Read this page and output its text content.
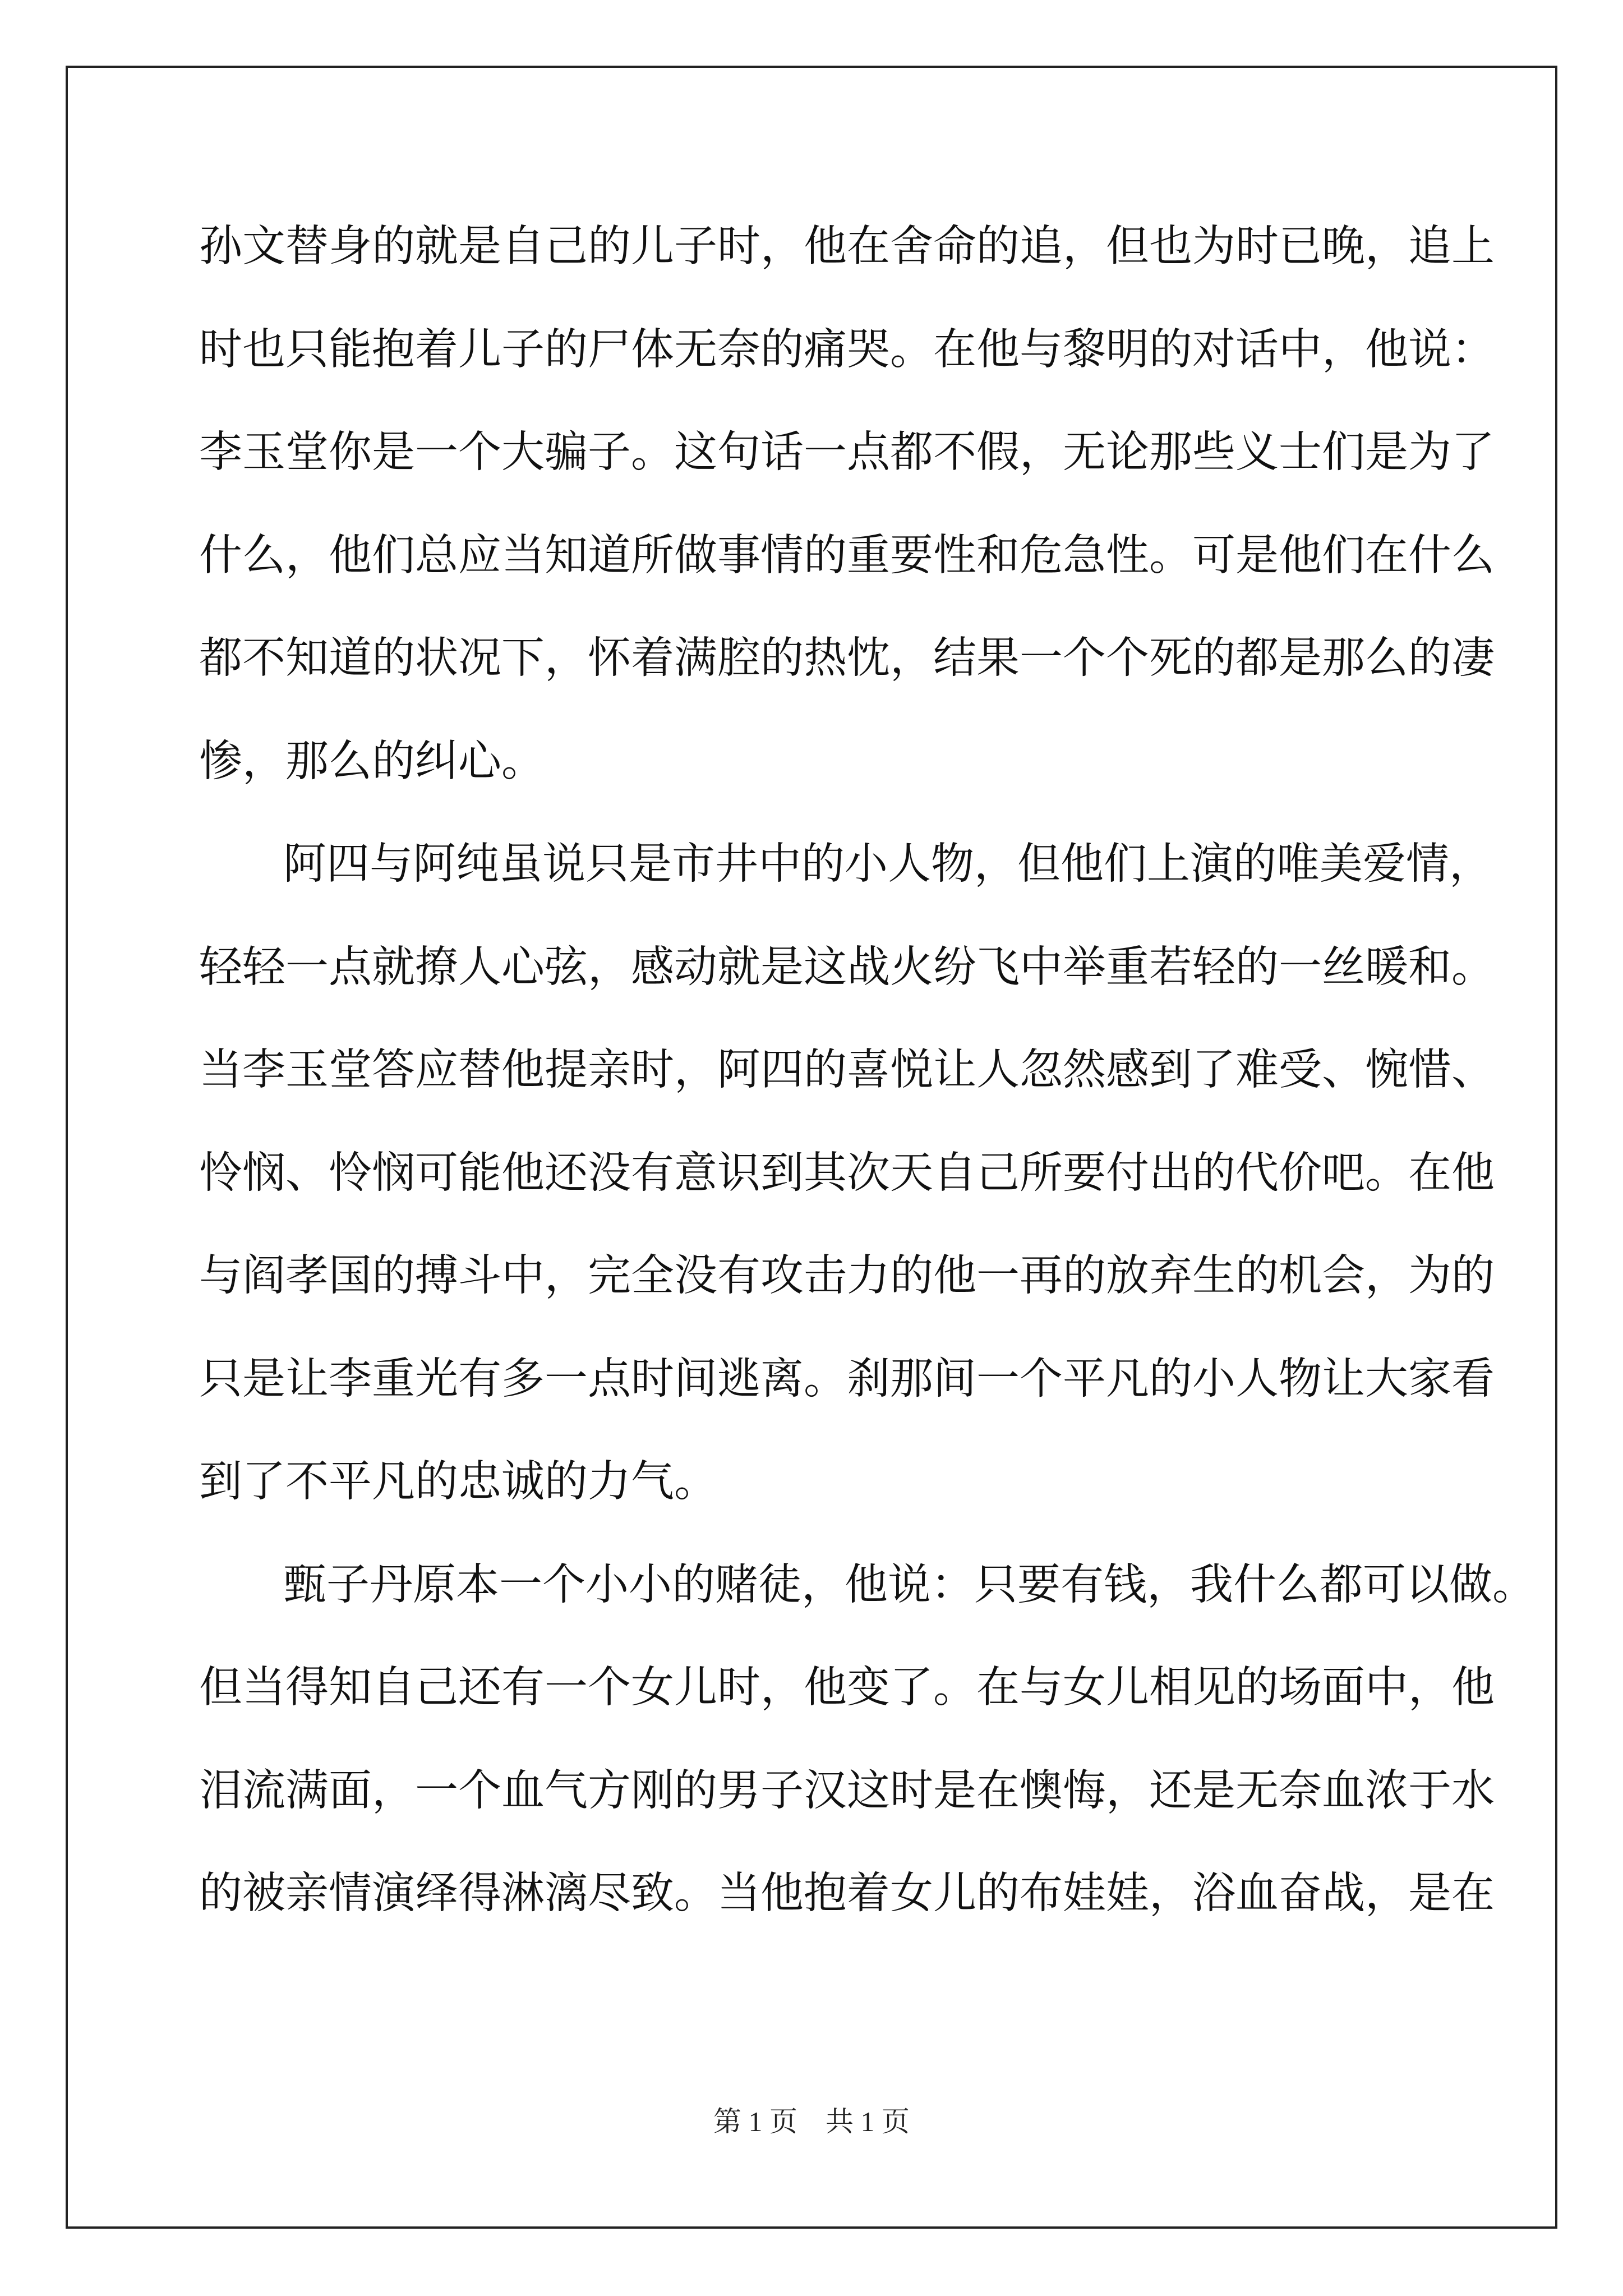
孙文替身的就是自己的儿子时，他在舍命的追，但也为时已晚，追上
时也只能抱着儿子的尸体无奈的痛哭。在他与黎明的对话中，他说：
李玉堂你是一个大骗子。这句话一点都不假，无论那些义士们是为了
什么，他们总应当知道所做事情的重要性和危急性。可是他们在什么
都不知道的状况下，怀着满腔的热忱，结果一个个死的都是那么的凄
惨，那么的纠心。
阿四与阿纯虽说只是市井中的小人物，但他们上演的唯美爱情，
轻轻一点就撩人心弦，感动就是这战火纷飞中举重若轻的一丝暖和。
当李玉堂答应替他提亲时，阿四的喜悦让人忽然感到了难受、惋惜、
怜悯、怜悯可能他还没有意识到其次天自己所要付出的代价吧。在他
与阎孝国的搏斗中，完全没有攻击力的他一再的放弃生的机会，为的
只是让李重光有多一点时间逃离。刹那间一个平凡的小人物让大家看
到了不平凡的忠诚的力气。
甄子丹原本一个小小的赌徒，他说：只要有钱，我什么都可以做。
但当得知自己还有一个女儿时，他变了。在与女儿相见的场面中，他
泪流满面，一个血气方刚的男子汉这时是在懊悔，还是无奈血浓于水
的被亲情演绎得淋漓尽致。当他抱着女儿的布娃娃，浴血奋战，是在
第 1 页 共 1 页
